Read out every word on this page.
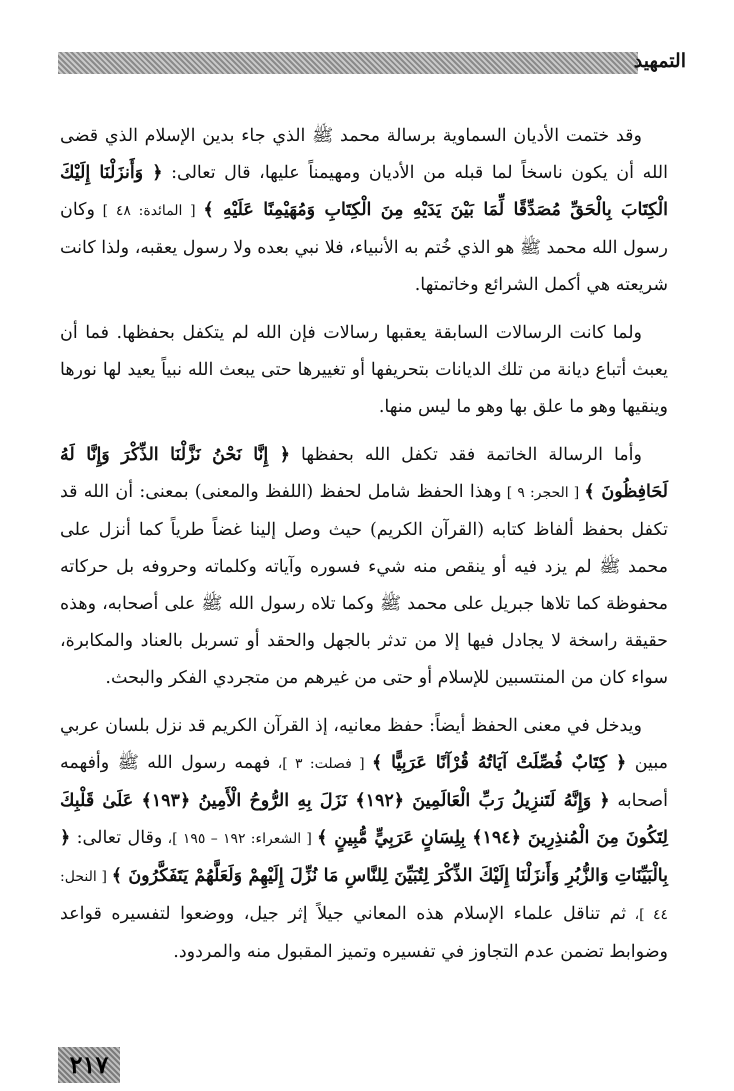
التمهيد

وقد ختمت الأديان السماوية برسالة محمد ﷺ الذي جاء بدين الإسلام الذي قضى الله أن يكون ناسخاً لما قبله من الأديان ومهيمناً عليها، قال تعالى: ﴿ وَأَنزَلْنَا إِلَيْكَ الْكِتَابَ بِالْحَقِّ مُصَدِّقًا لِّمَا بَيْنَ يَدَيْهِ مِنَ الْكِتَابِ وَمُهَيْمِنًا عَلَيْهِ ﴾ [ المائدة: ٤٨ ] وكان رسول الله محمد ﷺ هو الذي خُتم به الأنبياء، فلا نبي بعده ولا رسول يعقبه، ولذا كانت شريعته هي أكمل الشرائع وخاتمتها.

ولما كانت الرسالات السابقة يعقبها رسالات فإن الله لم يتكفل بحفظها. فما أن يعبث أتباع ديانة من تلك الديانات بتحريفها أو تغييرها حتى يبعث الله نبياً يعيد لها نورها وينقيها وهو ما علق بها وهو ما ليس منها.

وأما الرسالة الخاتمة فقد تكفل الله بحفظها ﴿ إِنَّا نَحْنُ نَزَّلْنَا الذِّكْرَ وَإِنَّا لَهُ لَحَافِظُونَ ﴾ [ الحجر: ٩ ] وهذا الحفظ شامل لحفظ (اللفظ والمعنى) بمعنى: أن الله قد تكفل بحفظ ألفاظ كتابه (القرآن الكريم) حيث وصل إلينا غضاً طرياً كما أنزل على محمد ﷺ لم يزد فيه أو ينقص منه شيء فسوره وآياته وكلماته وحروفه بل حركاته محفوظة كما تلاها جبريل على محمد ﷺ وكما تلاه رسول الله ﷺ على أصحابه، وهذه حقيقة راسخة لا يجادل فيها إلا من تدثر بالجهل والحقد أو تسربل بالعناد والمكابرة، سواء كان من المنتسبين للإسلام أو حتى من غيرهم من متجردي الفكر والبحث.

ويدخل في معنى الحفظ أيضاً: حفظ معانيه، إذ القرآن الكريم قد نزل بلسان عربي مبين ﴿ كِتَابٌ فُصِّلَتْ آيَاتُهُ قُرْآنًا عَرَبِيًّا ﴾ [ فصلت: ٣ ]، فهمه رسول الله ﷺ وأفهمه أصحابه ﴿ وَإِنَّهُ لَتَنزِيلُ رَبِّ الْعَالَمِينَ ﴿١٩٢﴾ نَزَلَ بِهِ الرُّوحُ الْأَمِينُ ﴿١٩٣﴾ عَلَىٰ قَلْبِكَ لِتَكُونَ مِنَ الْمُنذِرِينَ ﴿١٩٤﴾ بِلِسَانٍ عَرَبِيٍّ مُّبِينٍ ﴾ [ الشعراء: ١٩٢ – ١٩٥ ]، وقال تعالى: ﴿ بِالْبَيِّنَاتِ وَالزُّبُرِ وَأَنزَلْنَا إِلَيْكَ الذِّكْرَ لِتُبَيِّنَ لِلنَّاسِ مَا نُزِّلَ إِلَيْهِمْ وَلَعَلَّهُمْ يَتَفَكَّرُونَ ﴾ [ النحل: ٤٤ ]، ثم تناقل علماء الإسلام هذه المعاني جيلاً إثر جيل، ووضعوا لتفسيره قواعد وضوابط تضمن عدم التجاوز في تفسيره وتميز المقبول منه والمردود.

٢١٧
